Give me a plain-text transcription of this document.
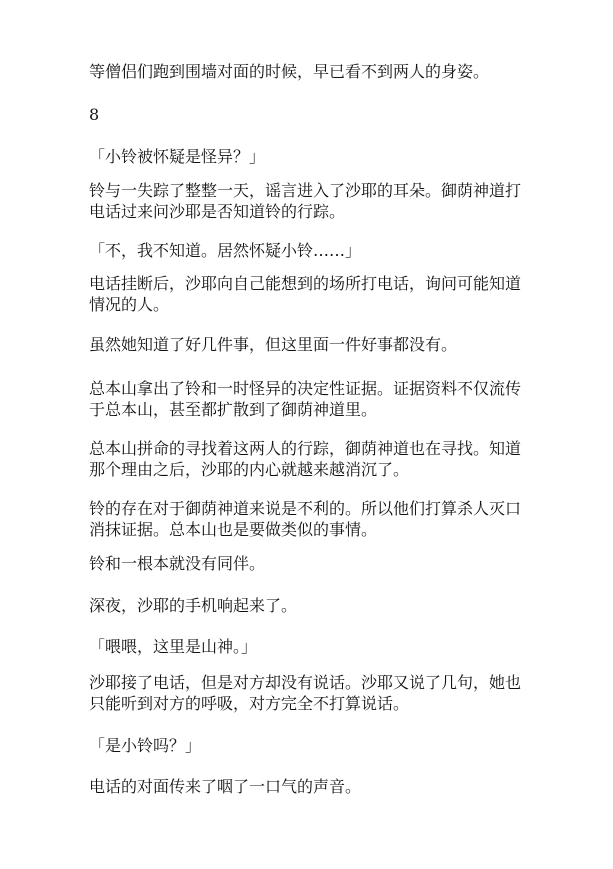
等僧侣们跑到围墙对面的时候，早已看不到两人的身姿。

8

「小铃被怀疑是怪异？」

铃与一失踪了整整一天，谣言进入了沙耶的耳朵。御荫神道打电话过来问沙耶是否知道铃的行踪。

「不，我不知道。居然怀疑小铃……」

电话挂断后，沙耶向自己能想到的场所打电话，询问可能知道情况的人。

虽然她知道了好几件事，但这里面一件好事都没有。

总本山拿出了铃和一时怪异的决定性证据。证据资料不仅流传于总本山，甚至都扩散到了御荫神道里。

总本山拼命的寻找着这两人的行踪，御荫神道也在寻找。知道那个理由之后，沙耶的内心就越来越消沉了。

铃的存在对于御荫神道来说是不利的。所以他们打算杀人灭口消抹证据。总本山也是要做类似的事情。

铃和一根本就没有同伴。

深夜，沙耶的手机响起来了。

「喂喂，这里是山神。」

沙耶接了电话，但是对方却没有说话。沙耶又说了几句，她也只能听到对方的呼吸，对方完全不打算说话。

「是小铃吗？」

电话的对面传来了咽了一口气的声音。
